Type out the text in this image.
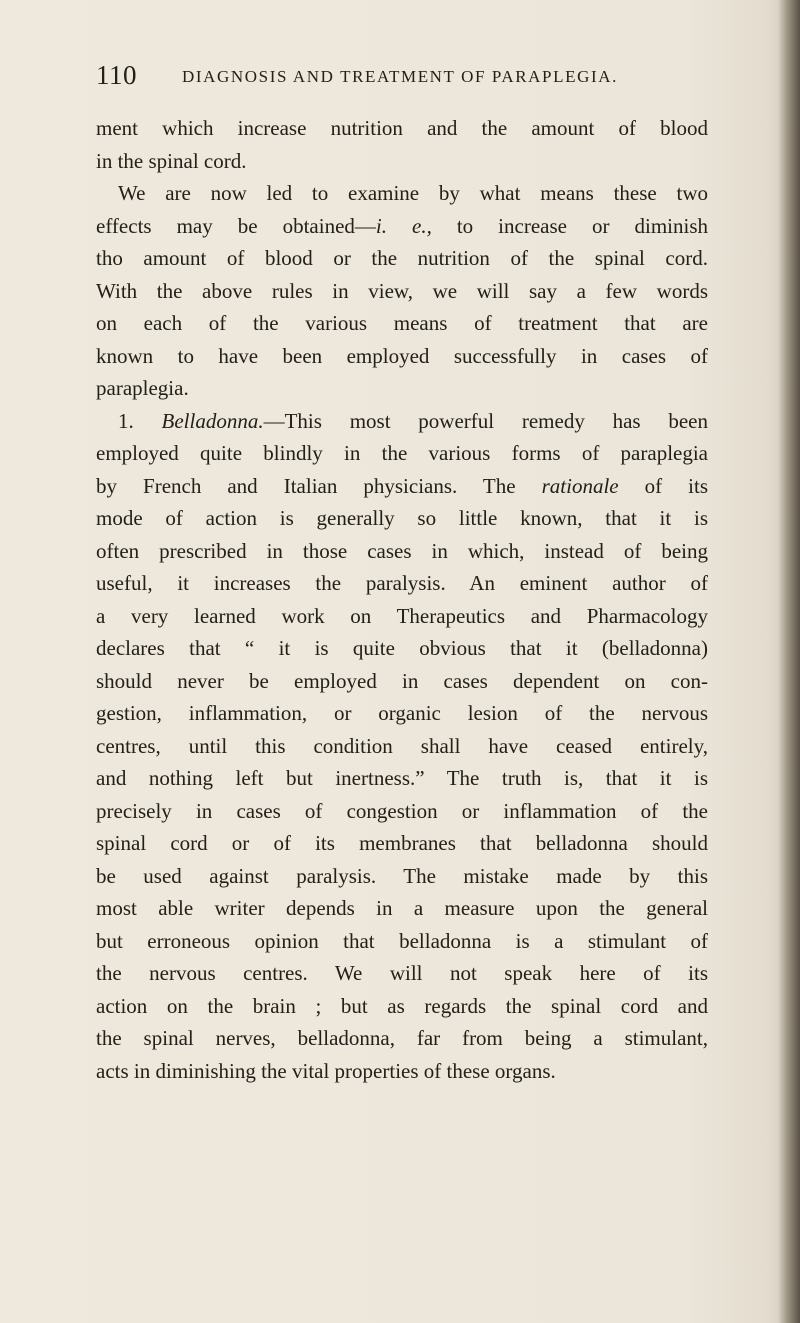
110	DIAGNOSIS AND TREATMENT OF PARAPLEGIA.

ment which increase nutrition and the amount of blood
in the spinal cord.

We are now led to examine by what means these two
effects may be obtained—i. e., to increase or diminish
tho amount of blood or the nutrition of the spinal cord.
With the above rules in view, we will say a few words
on each of the various means of treatment that are
known to have been employed successfully in cases of
paraplegia.

1. Belladonna.—This most powerful remedy has been
employed quite blindly in the various forms of paraplegia
by French and Italian physicians. The rationale of its
mode of action is generally so little known, that it is
often prescribed in those cases in which, instead of being
useful, it increases the paralysis. An eminent author of
a very learned work on Therapeutics and Pharmacology
declares that “ it is quite obvious that it (belladonna)
should never be employed in cases dependent on con-
gestion, inflammation, or organic lesion of the nervous
centres, until this condition shall have ceased entirely,
and nothing left but inertness.” The truth is, that it is
precisely in cases of congestion or inflammation of the
spinal cord or of its membranes that belladonna should
be used against paralysis. The mistake made by this
most able writer depends in a measure upon the general
but erroneous opinion that belladonna is a stimulant of
the nervous centres. We will not speak here of its
action on the brain ; but as regards the spinal cord and
the spinal nerves, belladonna, far from being a stimulant,
acts in diminishing the vital properties of these organs.
